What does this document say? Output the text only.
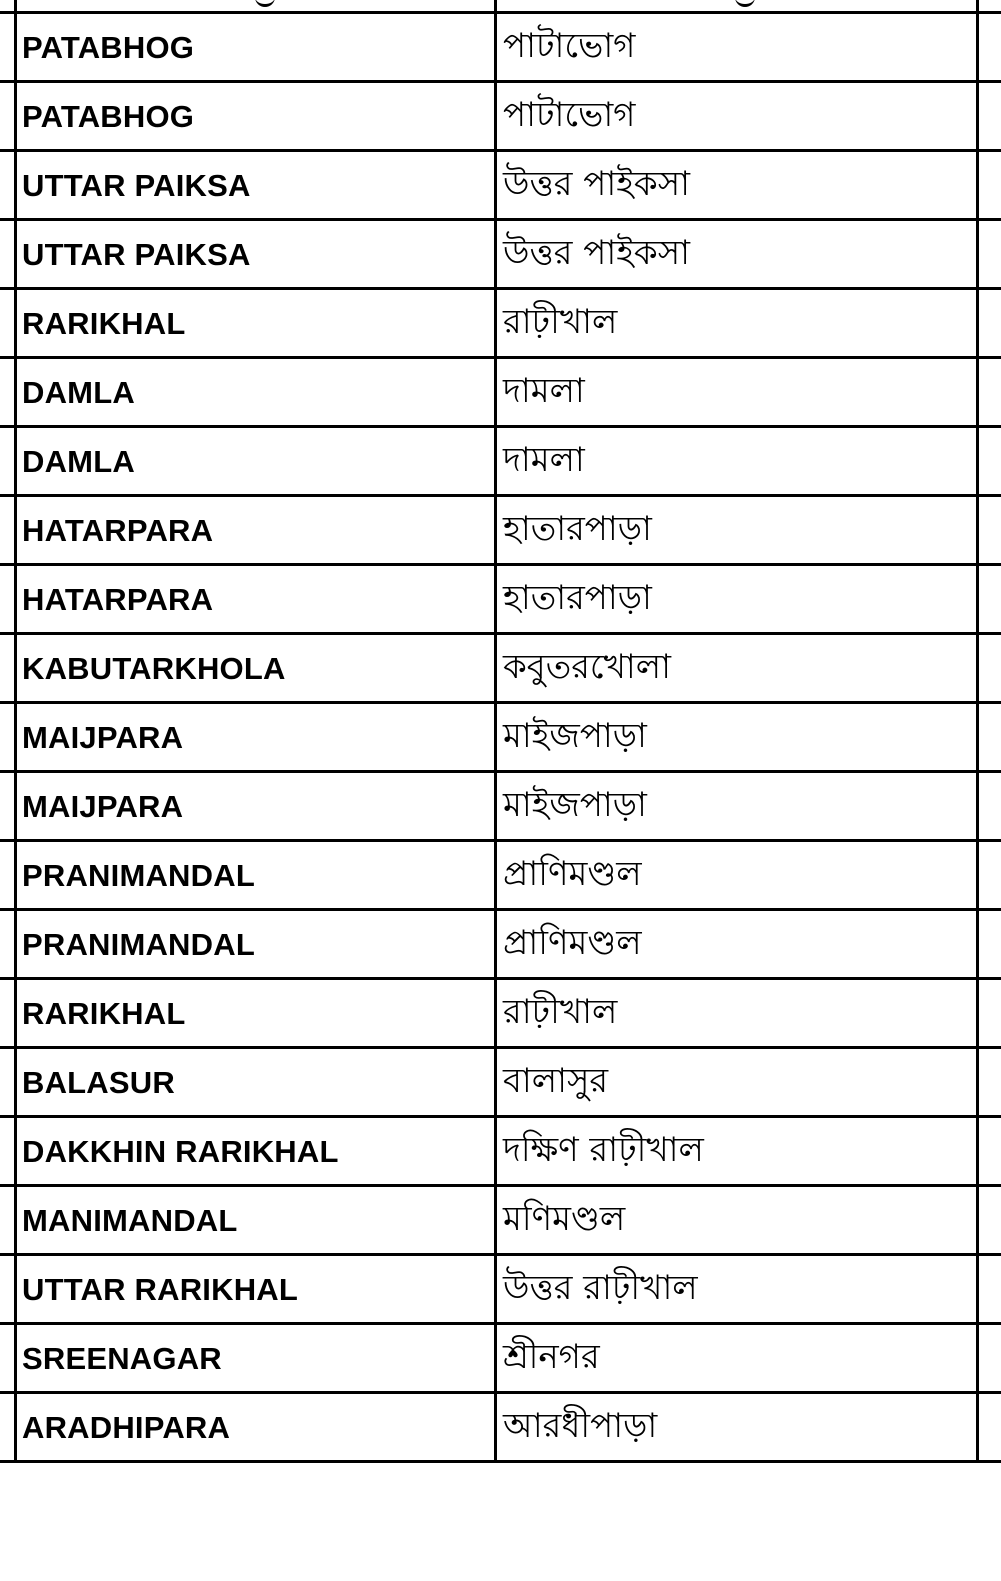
PATABHOG	পাটাভোগ
PATABHOG	পাটাভোগ
UTTAR PAIKSA	উত্তর পাইকসা
UTTAR PAIKSA	উত্তর পাইকসা
RARIKHAL	রাঢ়ীখাল
DAMLA	দামলা
DAMLA	দামলা
HATARPARA	হাতারপাড়া
HATARPARA	হাতারপাড়া
KABUTARKHOLA	কবুতরখোলা
MAIJPARA	মাইজপাড়া
MAIJPARA	মাইজপাড়া
PRANIMANDAL	প্রাণিমণ্ডল
PRANIMANDAL	প্রাণিমণ্ডল
RARIKHAL	রাঢ়ীখাল
BALASUR	বালাসুর
DAKKHIN RARIKHAL	দক্ষিণ রাঢ়ীখাল
MANIMANDAL	মণিমণ্ডল
UTTAR RARIKHAL	উত্তর রাঢ়ীখাল
SREENAGAR	শ্রীনগর
ARADHIPARA	আরধীপাড়া
